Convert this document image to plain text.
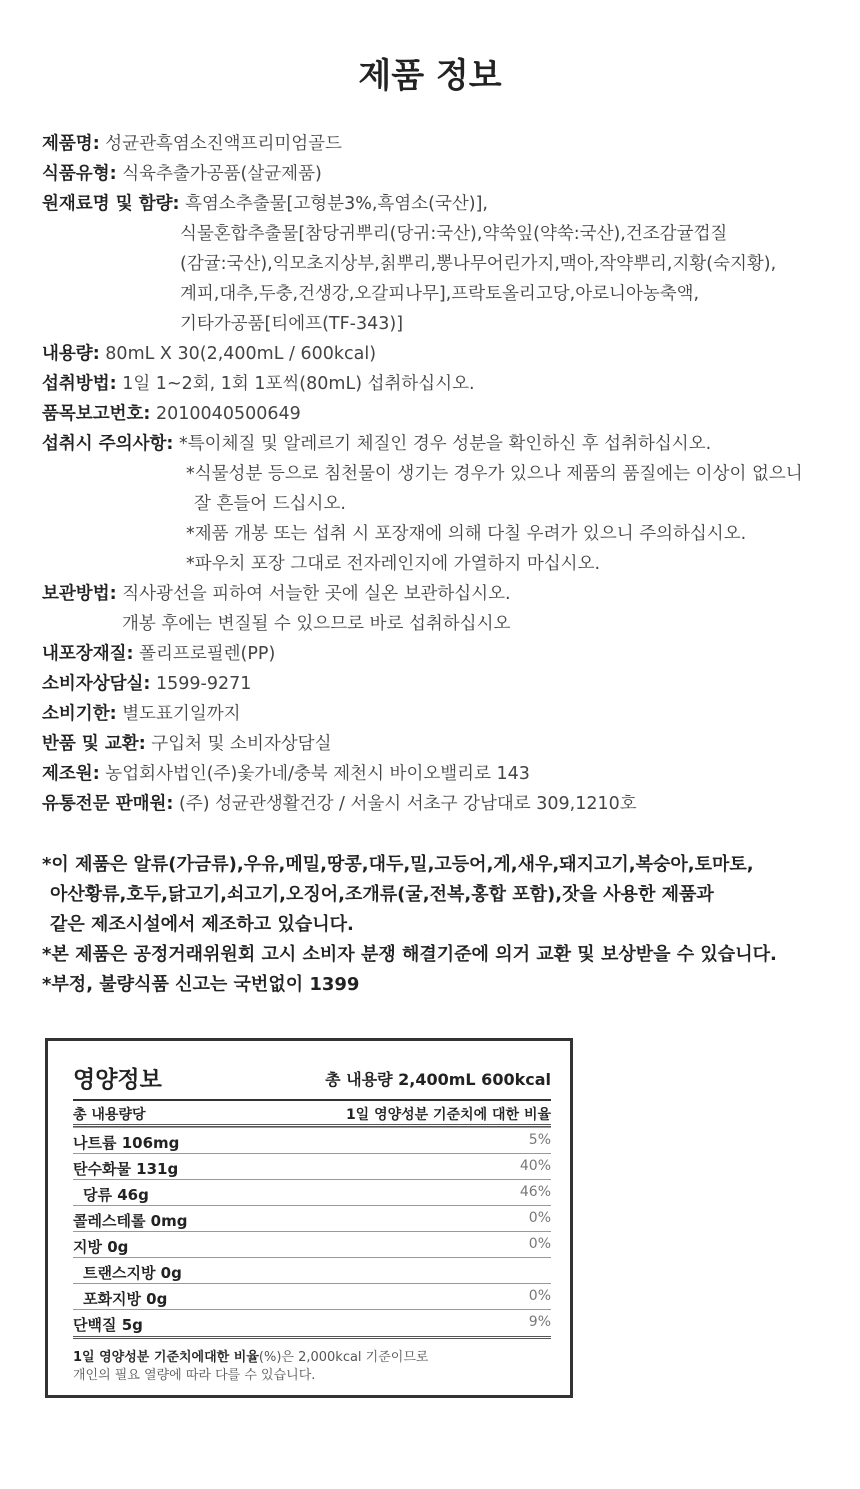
제품 정보
제품명: 성균관흑염소진액프리미엄골드
식품유형: 식육추출가공품(살균제품)
원재료명 및 함량: 흑염소추출물[고형분3%,흑염소(국산)],
식물혼합추출물[참당귀뿌리(당귀:국산),약쑥잎(약쑥:국산),건조감귤껍질
(감귤:국산),익모초지상부,칡뿌리,뽕나무어린가지,맥아,작약뿌리,지황(숙지황),
계피,대추,두충,건생강,오갈피나무],프락토올리고당,아로니아농축액,
기타가공품[티에프(TF-343)]
내용량: 80mL X 30(2,400mL / 600kcal)
섭취방법: 1일 1~2회, 1회 1포씩(80mL) 섭취하십시오.
품목보고번호: 2010040500649
섭취시 주의사항: *특이체질 및 알레르기 체질인 경우 성분을 확인하신 후 섭취하십시오.
*식물성분 등으로 침천물이 생기는 경우가 있으나 제품의 품질에는 이상이 없으니
잘 흔들어 드십시오.
*제품 개봉 또는 섭취 시 포장재에 의해 다칠 우려가 있으니 주의하십시오.
*파우치 포장 그대로 전자레인지에 가열하지 마십시오.
보관방법: 직사광선을 피하여 서늘한 곳에 실온 보관하십시오.
개봉 후에는 변질될 수 있으므로 바로 섭취하십시오
내포장재질: 폴리프로필렌(PP)
소비자상담실: 1599-9271
소비기한: 별도표기일까지
반품 및 교환: 구입처 및 소비자상담실
제조원: 농업회사법인(주)옻가네/충북 제천시 바이오밸리로 143
유통전문 판매원: (주) 성균관생활건강 / 서울시 서초구 강남대로 309,1210호
*이 제품은 알류(가금류),우유,메밀,땅콩,대두,밀,고등어,게,새우,돼지고기,복숭아,토마토,
아산황류,호두,닭고기,쇠고기,오징어,조개류(굴,전복,홍합 포함),잣을 사용한 제품과
같은 제조시설에서 제조하고 있습니다.
*본 제품은 공정거래위원회 고시 소비자 분쟁 해결기준에 의거 교환 및 보상받을 수 있습니다.
*부정, 불량식품 신고는 국번없이 1399
영양정보	총 내용량 2,400mL 600kcal
총 내용량당	1일 영양성분 기준치에 대한 비율
나트륨 106mg	5%
탄수화물 131g	40%
당류 46g	46%
콜레스테롤 0mg	0%
지방 0g	0%
트랜스지방 0g
포화지방 0g	0%
단백질 5g	9%
1일 영양성분 기준치에대한 비율(%)은 2,000kcal 기준이므로
개인의 필요 열량에 따라 다를 수 있습니다.
